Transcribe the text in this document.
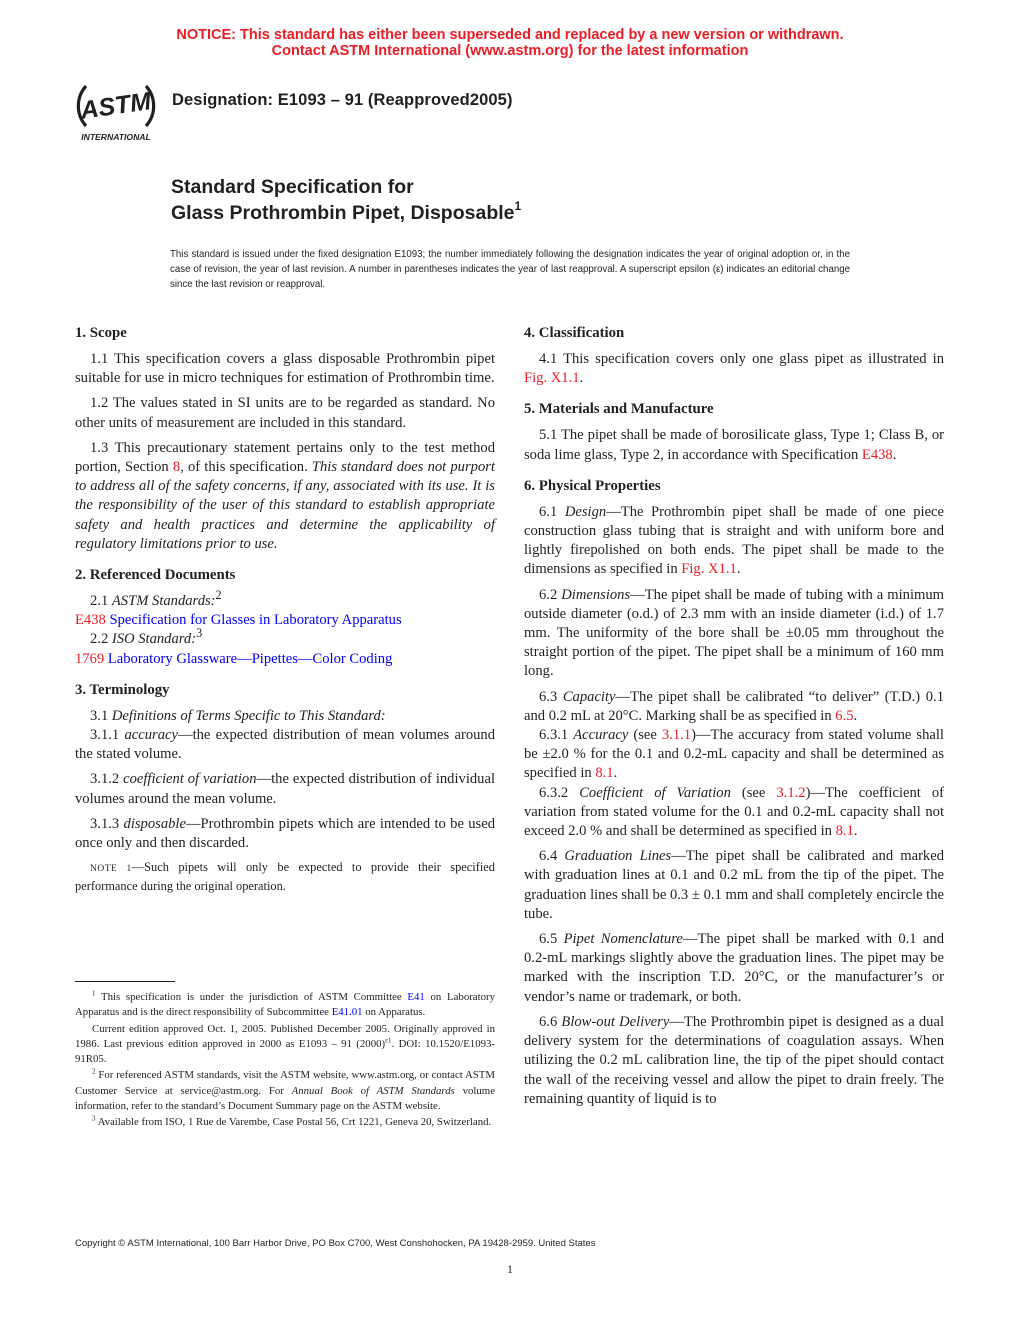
NOTICE: This standard has either been superseded and replaced by a new version or withdrawn.
Contact ASTM International (www.astm.org) for the latest information
ASTM
INTERNATIONAL
Designation: E1093 – 91 (Reapproved2005)
Standard Specification for
Glass Prothrombin Pipet, Disposable$^1$
This standard is issued under the fixed designation E1093; the number immediately following the designation indicates the year of original adoption or, in the case of revision, the year of last revision. A number in parentheses indicates the year of last reapproval. A superscript epsilon (ε) indicates an editorial change since the last revision or reapproval.
1. Scope

1.1 This specification covers a glass disposable Prothrombin pipet suitable for use in micro techniques for estimation of Prothrombin time.

1.2 The values stated in SI units are to be regarded as standard. No other units of measurement are included in this standard.

1.3 This precautionary statement pertains only to the test method portion, Section 8, of this specification. This standard does not purport to address all of the safety concerns, if any, associated with its use. It is the responsibility of the user of this standard to establish appropriate safety and health practices and determine the applicability of regulatory limitations prior to use.

2. Referenced Documents

2.1 ASTM Standards:$^2$

E438 Specification for Glasses in Laboratory Apparatus

2.2 ISO Standard:$^3$

1769 Laboratory Glassware—Pipettes—Color Coding

3. Terminology

3.1 Definitions of Terms Specific to This Standard:

3.1.1 accuracy—the expected distribution of mean volumes around the stated volume.

3.1.2 coefficient of variation—the expected distribution of individual volumes around the mean volume.

3.1.3 disposable—Prothrombin pipets which are intended to be used once only and then discarded.

NOTE 1—Such pipets will only be expected to provide their specified performance during the original operation.

4. Classification

4.1 This specification covers only one glass pipet as illustrated in Fig. X1.1.

5. Materials and Manufacture

5.1 The pipet shall be made of borosilicate glass, Type 1; Class B, or soda lime glass, Type 2, in accordance with Specification E438.

6. Physical Properties

6.1 Design—The Prothrombin pipet shall be made of one piece construction glass tubing that is straight and with uniform bore and lightly firepolished on both ends. The pipet shall be made to the dimensions as specified in Fig. X1.1.

6.2 Dimensions—The pipet shall be made of tubing with a minimum outside diameter (o.d.) of 2.3 mm with an inside diameter (i.d.) of 1.7 mm. The uniformity of the bore shall be ±0.05 mm throughout the straight portion of the pipet. The pipet shall be a minimum of 160 mm long.

6.3 Capacity—The pipet shall be calibrated “to deliver” (T.D.) 0.1 and 0.2 mL at 20°C. Marking shall be as specified in 6.5.

6.3.1 Accuracy (see 3.1.1)—The accuracy from stated volume shall be ±2.0 % for the 0.1 and 0.2-mL capacity and shall be determined as specified in 8.1.

6.3.2 Coefficient of Variation (see 3.1.2)—The coefficient of variation from stated volume for the 0.1 and 0.2-mL capacity shall not exceed 2.0 % and shall be determined as specified in 8.1.

6.4 Graduation Lines—The pipet shall be calibrated and marked with graduation lines at 0.1 and 0.2 mL from the tip of the pipet. The graduation lines shall be 0.3 ± 0.1 mm and shall completely encircle the tube.

6.5 Pipet Nomenclature—The pipet shall be marked with 0.1 and 0.2-mL markings slightly above the graduation lines. The pipet may be marked with the inscription T.D. 20°C, or the manufacturer’s or vendor’s name or trademark, or both.

6.6 Blow-out Delivery—The Prothrombin pipet is designed as a dual delivery system for the determinations of coagulation assays. When utilizing the 0.2 mL calibration line, the tip of the pipet should contact the wall of the receiving vessel and allow the pipet to drain freely. The remaining quantity of liquid is to

$^1$ This specification is under the jurisdiction of ASTM Committee E41 on Laboratory Apparatus and is the direct responsibility of Subcommittee E41.01 on Apparatus.

Current edition approved Oct. 1, 2005. Published December 2005. Originally approved in 1986. Last previous edition approved in 2000 as E1093 – 91 $(2000)^{\varepsilon 1}$. DOI: 10.1520/E1093-91R05.

$^2$ For referenced ASTM standards, visit the ASTM website, www.astm.org, or contact ASTM Customer Service at service@astm.org. For Annual Book of ASTM Standards volume information, refer to the standard’s Document Summary page on the ASTM website.

$^3$ Available from ISO, 1 Rue de Varembe, Case Postal 56, Crt 1221, Geneva 20, Switzerland.

Copyright © ASTM International, 100 Barr Harbor Drive, PO Box C700, West Conshohocken, PA 19428-2959. United States
1
